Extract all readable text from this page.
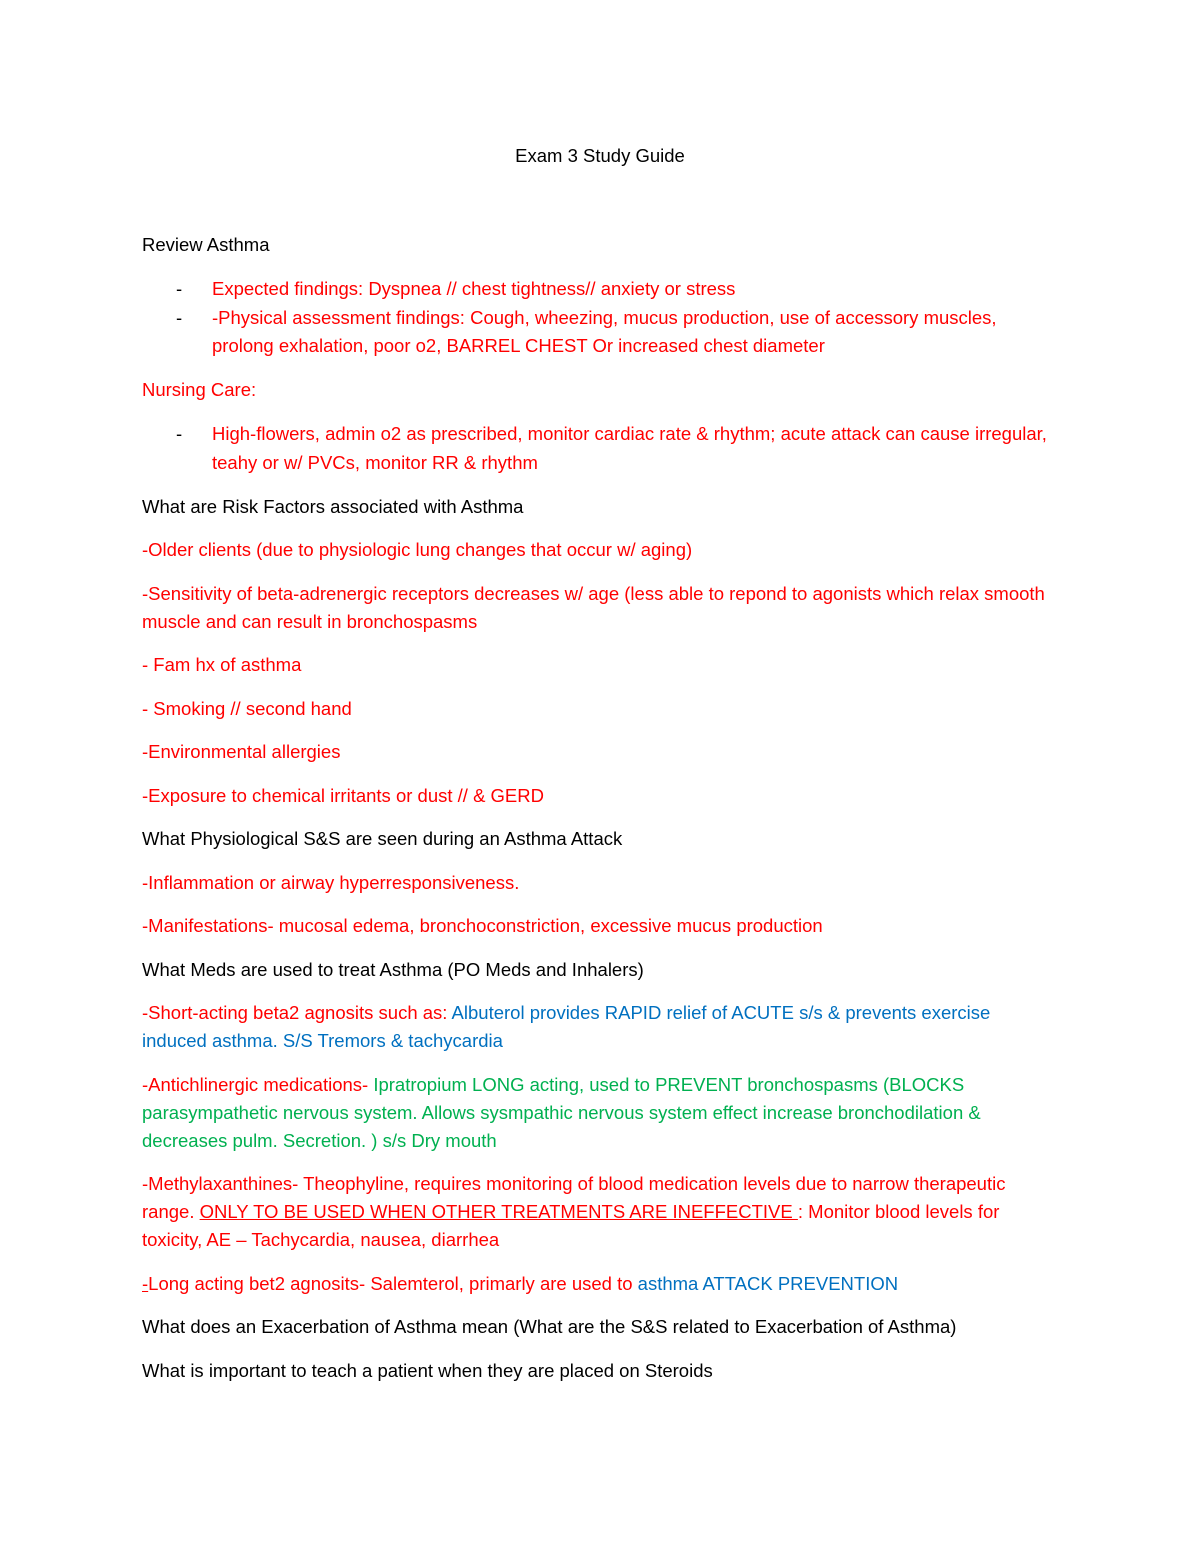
Exam 3 Study Guide

Review Asthma

- Expected findings: Dyspnea // chest tightness// anxiety or stress
- -Physical assessment findings: Cough, wheezing, mucus production, use of accessory muscles, prolong exhalation, poor o2, BARREL CHEST Or increased chest diameter

Nursing Care:

- High-flowers, admin o2 as prescribed, monitor cardiac rate & rhythm; acute attack can cause irregular, teahy or w/ PVCs, monitor RR & rhythm

What are Risk Factors associated with Asthma

-Older clients (due to physiologic lung changes that occur w/ aging)

-Sensitivity of beta-adrenergic receptors decreases w/ age (less able to repond to agonists which relax smooth muscle and can result in bronchospasms

- Fam hx of asthma

- Smoking // second hand

-Environmental allergies

-Exposure to chemical irritants or dust // & GERD

What Physiological S&S are seen during an Asthma Attack

-Inflammation or airway hyperresponsiveness.

-Manifestations- mucosal edema, bronchoconstriction, excessive mucus production

What Meds are used to treat Asthma (PO Meds and Inhalers)

-Short-acting beta2 agnosits such as: Albuterol provides RAPID relief of ACUTE s/s & prevents exercise induced asthma. S/S Tremors & tachycardia

-Antichlinergic medications- Ipratropium LONG acting, used to PREVENT bronchospasms (BLOCKS parasympathetic nervous system. Allows sysmpathic nervous system effect increase bronchodilation & decreases pulm. Secretion. ) s/s Dry mouth

-Methylaxanthines- Theophyline, requires monitoring of blood medication levels due to narrow therapeutic range. ONLY TO BE USED WHEN OTHER TREATMENTS ARE INEFFECTIVE : Monitor blood levels for toxicity, AE – Tachycardia, nausea, diarrhea

-Long acting bet2 agnosits- Salemterol, primarly are used to asthma ATTACK PREVENTION

What does an Exacerbation of Asthma mean (What are the S&S related to Exacerbation of Asthma)

What is important to teach a patient when they are placed on Steroids
